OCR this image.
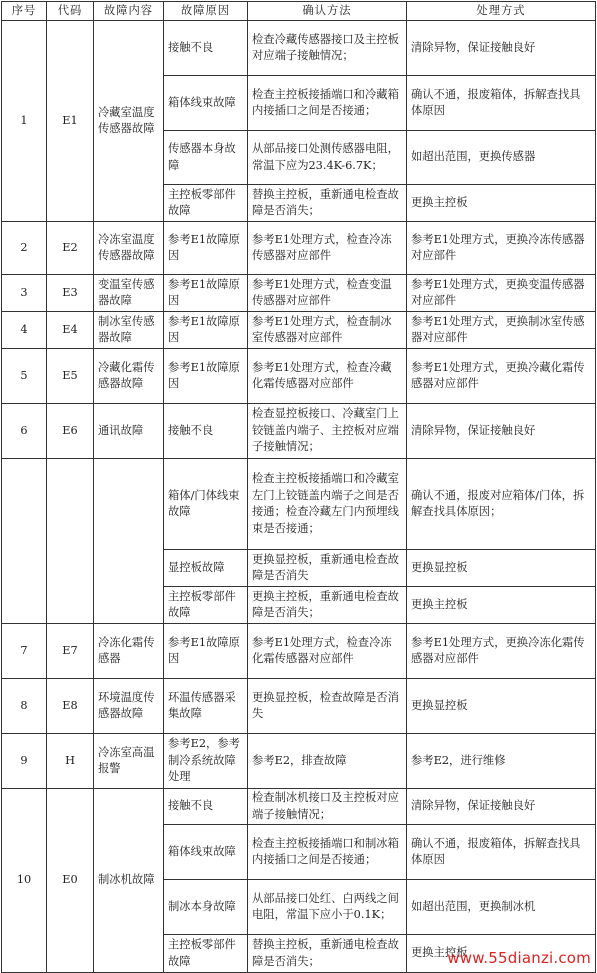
序号	代码	故障内容	故障原因	确认方法	处理方式
1	E1	冷藏室温度传感器故障	接触不良	检查冷藏传感器接口及主控板对应端子接触情况；	清除异物，保证接触良好
			箱体线束故障	检查主控板接插端口和冷藏箱内接插口之间是否接通；	确认不通，报废箱体，拆解查找具体原因
			传感器本身故障	从部品接口处测传感器电阻，常温下应为23.4K-6.7K；	如超出范围，更换传感器
			主控板零部件故障	替换主控板，重新通电检查故障是否消失；	更换主控板
2	E2	冷冻室温度传感器故障	参考E1故障原因	参考E1处理方式，检查冷冻传感器对应部件	参考E1处理方式，更换冷冻传感器对应部件
3	E3	变温室传感器故障	参考E1故障原因	参考E1处理方式，检查变温传感器对应部件	参考E1处理方式，更换变温传感器对应部件
4	E4	制冰室传感器故障	参考E1故障原因	参考E1处理方式，检查制冰室传感器对应部件	参考E1处理方式，更换制冰室传感器对应部件
5	E5	冷藏化霜传感器故障	参考E1故障原因	参考E1处理方式，检查冷藏化霜传感器对应部件	参考E1处理方式，更换冷藏化霜传感器对应部件
6	E6	通讯故障	接触不良	检查显控板接口、冷藏室门上铰链盖内端子、主控板对应端子接触情况；	清除异物，保证接触良好
			箱体/门体线束故障	检查主控板接插端口和冷藏室左门上铰链盖内端子之间是否接通；检查冷藏左门内预埋线束是否接通；	确认不通，报废对应箱体/门体，拆解查找具体原因；
			显控板故障	更换显控板，重新通电检查故障是否消失	更换显控板
			主控板零部件故障	更换主控板，重新通电检查故障是否消失；	更换主控板
7	E7	冷冻化霜传感器	参考E1故障原因	参考E1处理方式，检查冷冻化霜传感器对应部件	参考E1处理方式，更换冷冻化霜传感器对应部件
8	E8	环境温度传感器故障	环温传感器采集故障	更换显控板，检查故障是否消失	更换显控板
9	H	冷冻室高温报警	参考E2，参考制冷系统故障处理	参考E2，排查故障	参考E2，进行维修
10	E0	制冰机故障	接触不良	检查制冰机接口及主控板对应端子接触情况；	清除异物，保证接触良好
			箱体线束故障	检查主控板接插端口和制冰箱内接插口之间是否接通；	确认不通，报废箱体，拆解查找具体原因
			制冰本身故障	从部品接口处红、白两线之间电阻，常温下应小于0.1K；	如超出范围，更换制冰机
			主控板零部件故障	替换主控板，重新通电检查故障是否消失；	更换主控板
www.55dianzi.com
